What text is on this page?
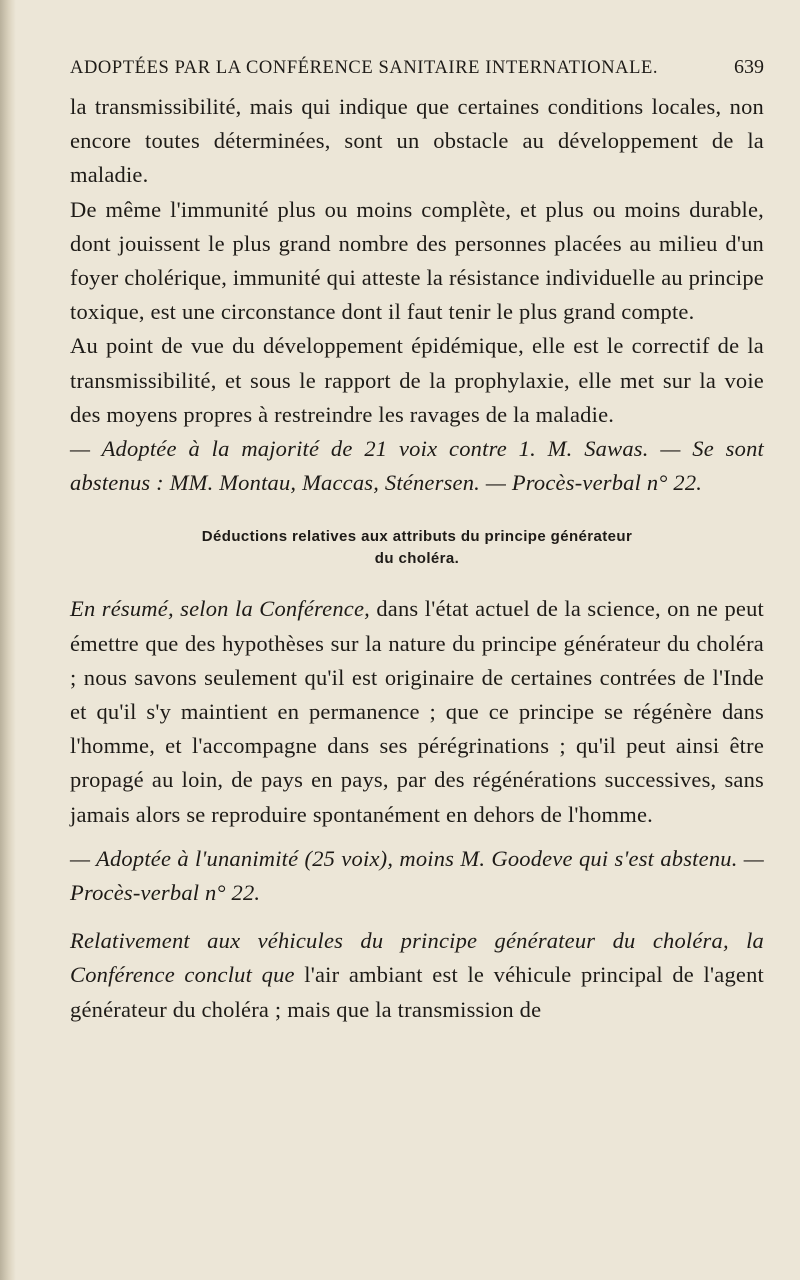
ADOPTÉES PAR LA CONFÉRENCE SANITAIRE INTERNATIONALE.	639

la transmissibilité, mais qui indique que certaines conditions locales, non encore toutes déterminées, sont un obstacle au développement de la maladie.

De même l'immunité plus ou moins complète, et plus ou moins durable, dont jouissent le plus grand nombre des personnes placées au milieu d'un foyer cholérique, immunité qui atteste la résistance individuelle au principe toxique, est une circonstance dont il faut tenir le plus grand compte.

Au point de vue du développement épidémique, elle est le correctif de la transmissibilité, et sous le rapport de la prophylaxie, elle met sur la voie des moyens propres à restreindre les ravages de la maladie.

— Adoptée à la majorité de 21 voix contre 1. M. Sawas. — Se sont abstenus : MM. Montau, Maccas, Sténersen. — Procès-verbal n° 22.

Déductions relatives aux attributs du principe générateur
du choléra.

En résumé, selon la Conférence, dans l'état actuel de la science, on ne peut émettre que des hypothèses sur la nature du principe générateur du choléra ; nous savons seulement qu'il est originaire de certaines contrées de l'Inde et qu'il s'y maintient en permanence ; que ce principe se régénère dans l'homme, et l'accompagne dans ses pérégrinations ; qu'il peut ainsi être propagé au loin, de pays en pays, par des régénérations successives, sans jamais alors se reproduire spontanément en dehors de l'homme.

— Adoptée à l'unanimité (25 voix), moins M. Goodeve qui s'est abstenu. — Procès-verbal n° 22.

Relativement aux véhicules du principe générateur du choléra, la Conférence conclut que l'air ambiant est le véhicule principal de l'agent générateur du choléra ; mais que la transmission de
